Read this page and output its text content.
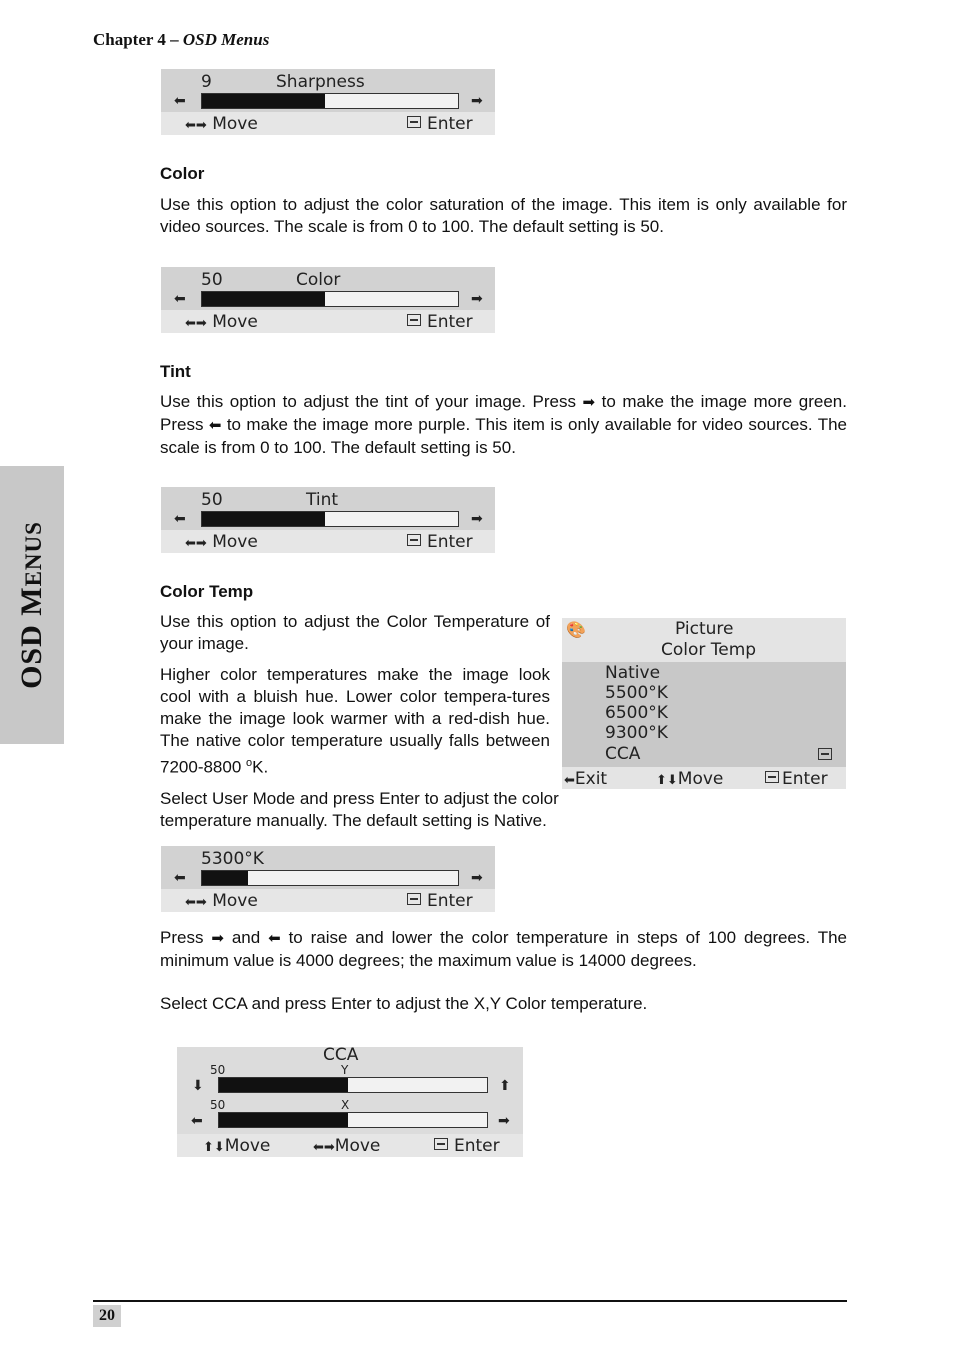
Chapter 4 – OSD Menus
OSD MENUS
9	Sharpness
⬅	➡
⬅➡ Move	Enter
Color
Use this option to adjust the color saturation of the image. This item is only available for video sources. The scale is from 0 to 100. The default setting is 50.
50	Color
⬅	➡
⬅➡ Move	Enter
Tint
Use this option to adjust the tint of your image. Press ➡ to make the image more green. Press ⬅ to make the image more purple. This item is only available for video sources. The scale is from 0 to 100. The default setting is 50.
50	Tint
⬅	➡
⬅➡ Move	Enter
Color Temp
Use this option to adjust the Color Temperature of your image.
Higher color temperatures make the image look cool with a bluish hue. Lower color tempera-tures make the image look warmer with a red-dish hue. The native color temperature usually falls between 7200-8800 $^o$K.
Select User Mode and press Enter to adjust the color temperature manually. The default setting is Native.
🎨	Picture
Color Temp
Native
5500°K
6500°K
9300°K
CCA
⬅Exit	⬆⬇Move	Enter
5300°K
⬅	➡
⬅➡ Move	Enter
Press ➡ and ⬅ to raise and lower the color temperature in steps of 100 degrees. The minimum value is 4000 degrees; the maximum value is 14000 degrees.
Select CCA and press Enter to adjust the X,Y Color temperature.
CCA
50	Y
⬇	⬆
50	X
⬅	➡
⬆⬇Move	⬅➡Move	Enter
20
